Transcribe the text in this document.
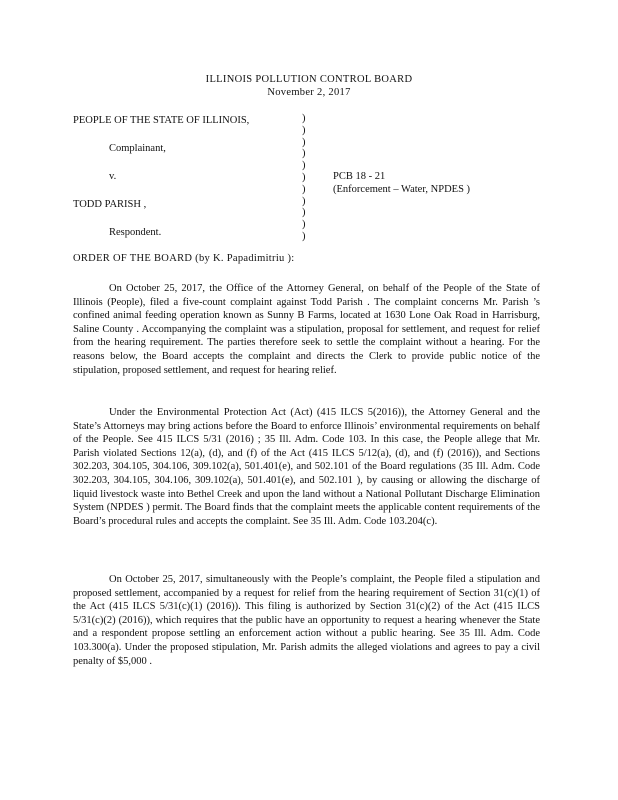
ILLINOIS POLLUTION CONTROL BOARD
November 2, 2017
PEOPLE OF THE STATE OF ILLINOIS,
Complainant,
v.
TODD PARISH ,
Respondent.
)
)
)
)
)
)
)
)
)
)
)
PCB 18 - 21
(Enforcement – Water, NPDES )
ORDER OF THE BOARD (by K. Papadimitriu ):

On October 25, 2017, the Office of the Attorney General, on behalf of the People of the State of Illinois (People), filed a five-count complaint against Todd Parish . The complaint concerns Mr. Parish ’s confined animal feeding operation known as Sunny B Farms, located at 1630 Lone Oak Road in Harrisburg, Saline County . Accompanying the complaint was a stipulation, proposal for settlement, and request for relief from the hearing requirement. The parties therefore seek to settle the complaint without a hearing. For the reasons below, the Board accepts the complaint and directs the Clerk to provide public notice of the stipulation, proposed settlement, and request for hearing relief.

Under the Environmental Protection Act (Act) (415 ILCS 5(2016)), the Attorney General and the State’s Attorneys may bring actions before the Board to enforce Illinois’ environmental requirements on behalf of the People. See 415 ILCS 5/31 (2016) ; 35 Ill. Adm. Code 103. In this case, the People allege that Mr. Parish violated Sections 12(a), (d), and (f) of the Act (415 ILCS 5/12(a), (d), and (f) (2016)), and Sections 302.203, 304.105, 304.106, 309.102(a), 501.401(e), and 502.101 of the Board regulations (35 Ill. Adm. Code 302.203, 304.105, 304.106, 309.102(a), 501.401(e), and 502.101 ), by causing or allowing the discharge of liquid livestock waste into Bethel Creek and upon the land without a National Pollutant Discharge Elimination System (NPDES ) permit. The Board finds that the complaint meets the applicable content requirements of the Board’s procedural rules and accepts the complaint. See 35 Ill. Adm. Code 103.204(c).

On October 25, 2017, simultaneously with the People’s complaint, the People filed a stipulation and proposed settlement, accompanied by a request for relief from the hearing requirement of Section 31(c)(1) of the Act (415 ILCS 5/31(c)(1) (2016)). This filing is authorized by Section 31(c)(2) of the Act (415 ILCS 5/31(c)(2) (2016)), which requires that the public have an opportunity to request a hearing whenever the State and a respondent propose settling an enforcement action without a public hearing. See 35 Ill. Adm. Code 103.300(a). Under the proposed stipulation, Mr. Parish admits the alleged violations and agrees to pay a civil penalty of $5,000 .
